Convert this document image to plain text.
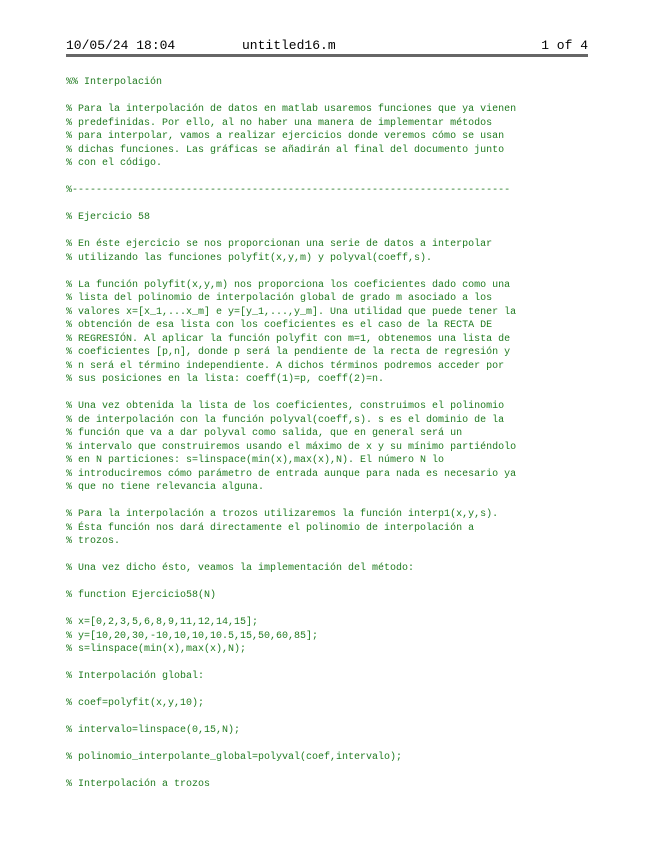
10/05/24 18:04	untitled16.m	1 of 4
%% Interpolación
% Para la interpolación de datos en matlab usaremos funciones que ya vienen
% predefinidas. Por ello, al no haber una manera de implementar métodos
% para interpolar, vamos a realizar ejercicios donde veremos cómo se usan
% dichas funciones. Las gráficas se añadirán al final del documento junto
% con el código.
%-------------------------------------------------------------------------
% Ejercicio 58
% En éste ejercicio se nos proporcionan una serie de datos a interpolar
% utilizando las funciones polyfit(x,y,m) y polyval(coeff,s).
% La función polyfit(x,y,m) nos proporciona los coeficientes dado como una
% lista del polinomio de interpolación global de grado m asociado a los
% valores x=[x_1,...x_m] e y=[y_1,...,y_m]. Una utilidad que puede tener la
% obtención de esa lista con los coeficientes es el caso de la RECTA DE
% REGRESIÓN. Al aplicar la función polyfit con m=1, obtenemos una lista de
% coeficientes [p,n], donde p será la pendiente de la recta de regresión y
% n será el término independiente. A dichos términos podremos acceder por
% sus posiciones en la lista: coeff(1)=p, coeff(2)=n.
% Una vez obtenida la lista de los coeficientes, construimos el polinomio
% de interpolación con la función polyval(coeff,s). s es el dominio de la
% función que va a dar polyval como salida, que en general será un
% intervalo que construiremos usando el máximo de x y su mínimo partiéndolo
% en N particiones: s=linspace(min(x),max(x),N). El número N lo
% introduciremos cómo parámetro de entrada aunque para nada es necesario ya
% que no tiene relevancia alguna.
% Para la interpolación a trozos utilizaremos la función interp1(x,y,s).
% Ésta función nos dará directamente el polinomio de interpolación a
% trozos.
% Una vez dicho ésto, veamos la implementación del método:
% function Ejercicio58(N)
% x=[0,2,3,5,6,8,9,11,12,14,15];
% y=[10,20,30,-10,10,10,10.5,15,50,60,85];
% s=linspace(min(x),max(x),N);
% Interpolación global:
% coef=polyfit(x,y,10);
% intervalo=linspace(0,15,N);
% polinomio_interpolante_global=polyval(coef,intervalo);
% Interpolación a trozos
